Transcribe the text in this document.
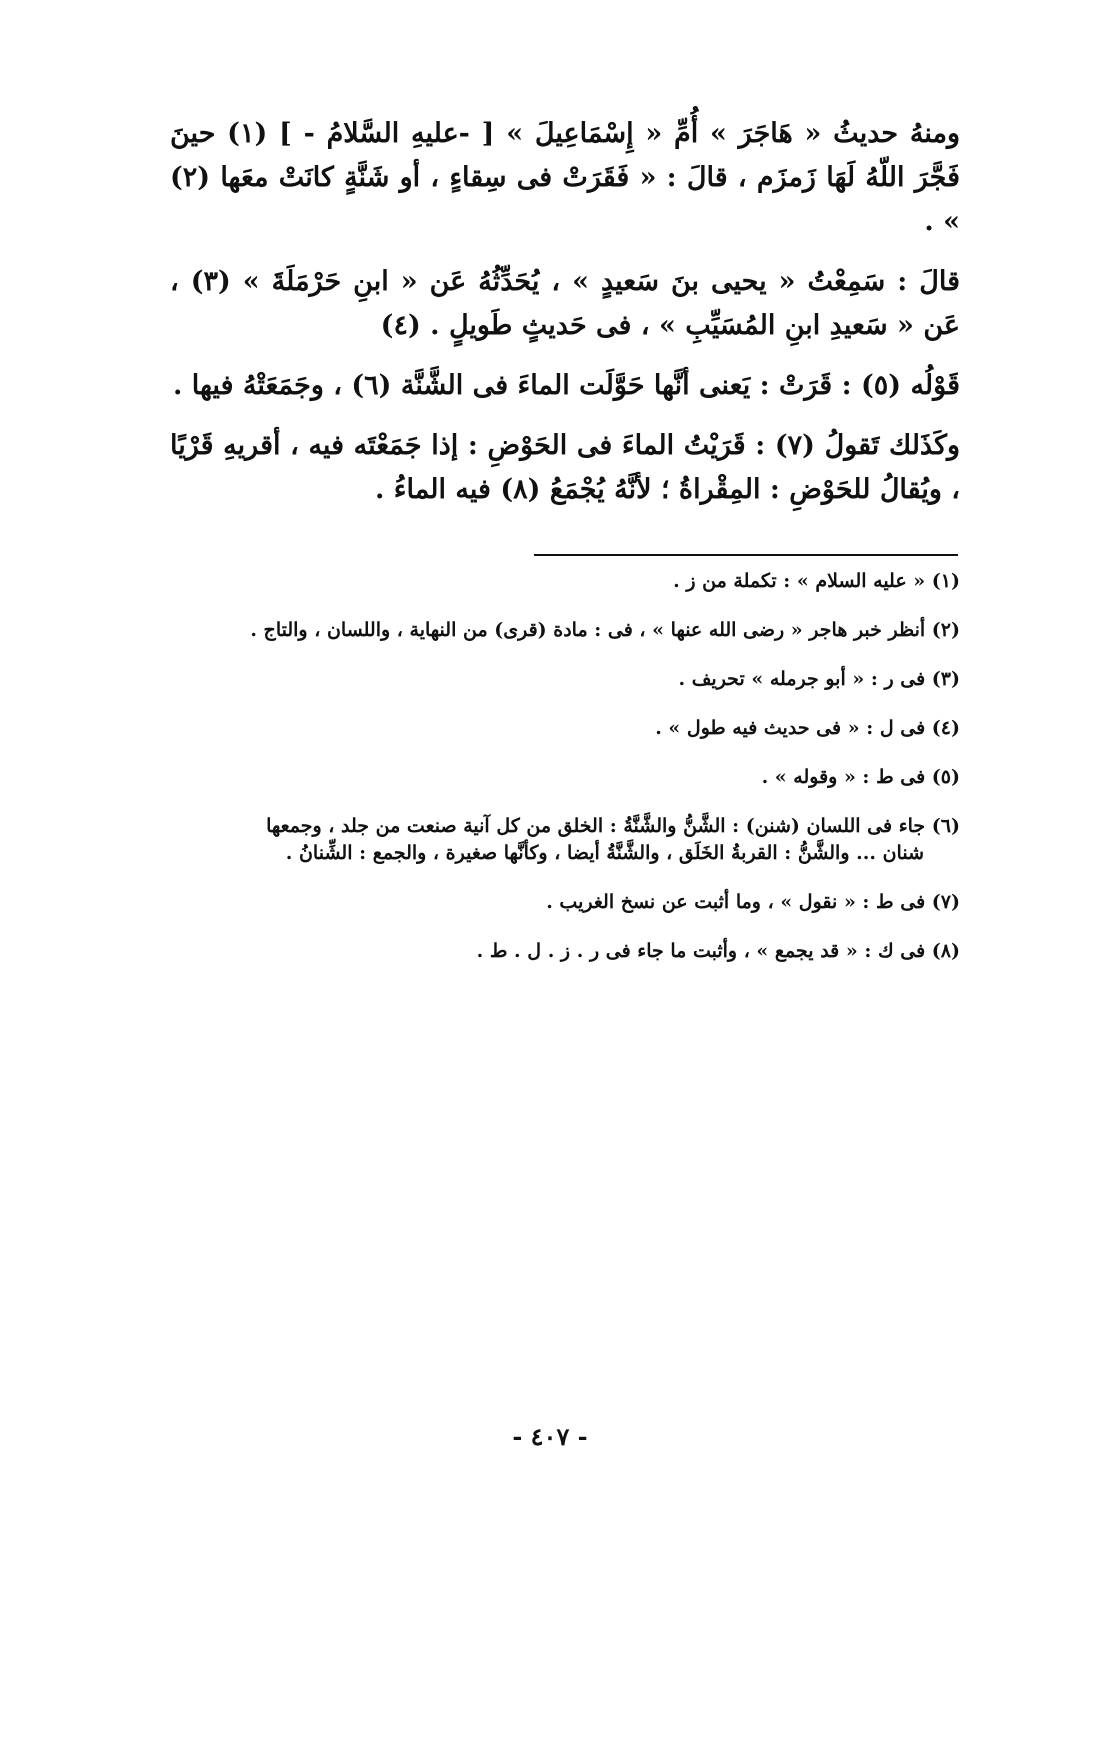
ومنهُ حديثُ « هَاجَرَ » أُمِّ « إِسْمَاعِيلَ » [ -عليهِ السَّلامُ - ] (١) حينَ فَجَّرَ اللّهُ لَهَا زَمزَم ، قالَ : « فَقَرَتْ فى سِقاءٍ ، أو شَنَّةٍ كانَتْ معَها (٢) » .

قالَ : سَمِعْتُ « يحيى بنَ سَعيدٍ » ، يُحَدِّثُهُ عَن « ابنِ حَرْمَلَةَ » (٣) ، عَن « سَعيدِ ابنِ المُسَيِّبِ » ، فى حَديثٍ طَويلٍ . (٤)

قَوْلُه (٥) : قَرَتْ : يَعنى أنَّها حَوَّلَت الماءَ فى الشَّنَّة (٦) ، وجَمَعَتْهُ فيها .

وكَذَلك تَقولُ (٧) : قَرَيْتُ الماءَ فى الحَوْضِ : إذا جَمَعْتَه فيه ، أقريهِ قَرْيًا ، ويُقالُ للحَوْضِ : المِقْراةُ ؛ لأنَّهُ يُجْمَعُ (٨) فيه الماءُ .

(١) « عليه السلام » : تكملة من ز .
(٢) أنظر خبر هاجر « رضى الله عنها » ، فى : مادة (قرى) من النهاية ، واللسان ، والتاج .
(٣) فى ر : « أبو جرمله » تحريف .
(٤) فى ل : « فى حديث فيه طول » .
(٥) فى ط : « وقوله » .
(٦) جاء فى اللسان (شنن) : الشَّنُّ والشَّنَّةُ : الخلق من كل آنية صنعت من جلد ، وجمعها
شنان ... والشَّنُّ : القربةُ الخَلَق ، والشَّنَّةُ أيضا ، وكأنَّها صغيرة ، والجمع : الشِّنانُ .
(٧) فى ط : « نقول » ، وما أثبت عن نسخ الغريب .
(٨) فى ك : « قد يجمع » ، وأثبت ما جاء فى ر . ز . ل . ط .
- ٤٠٧ -
